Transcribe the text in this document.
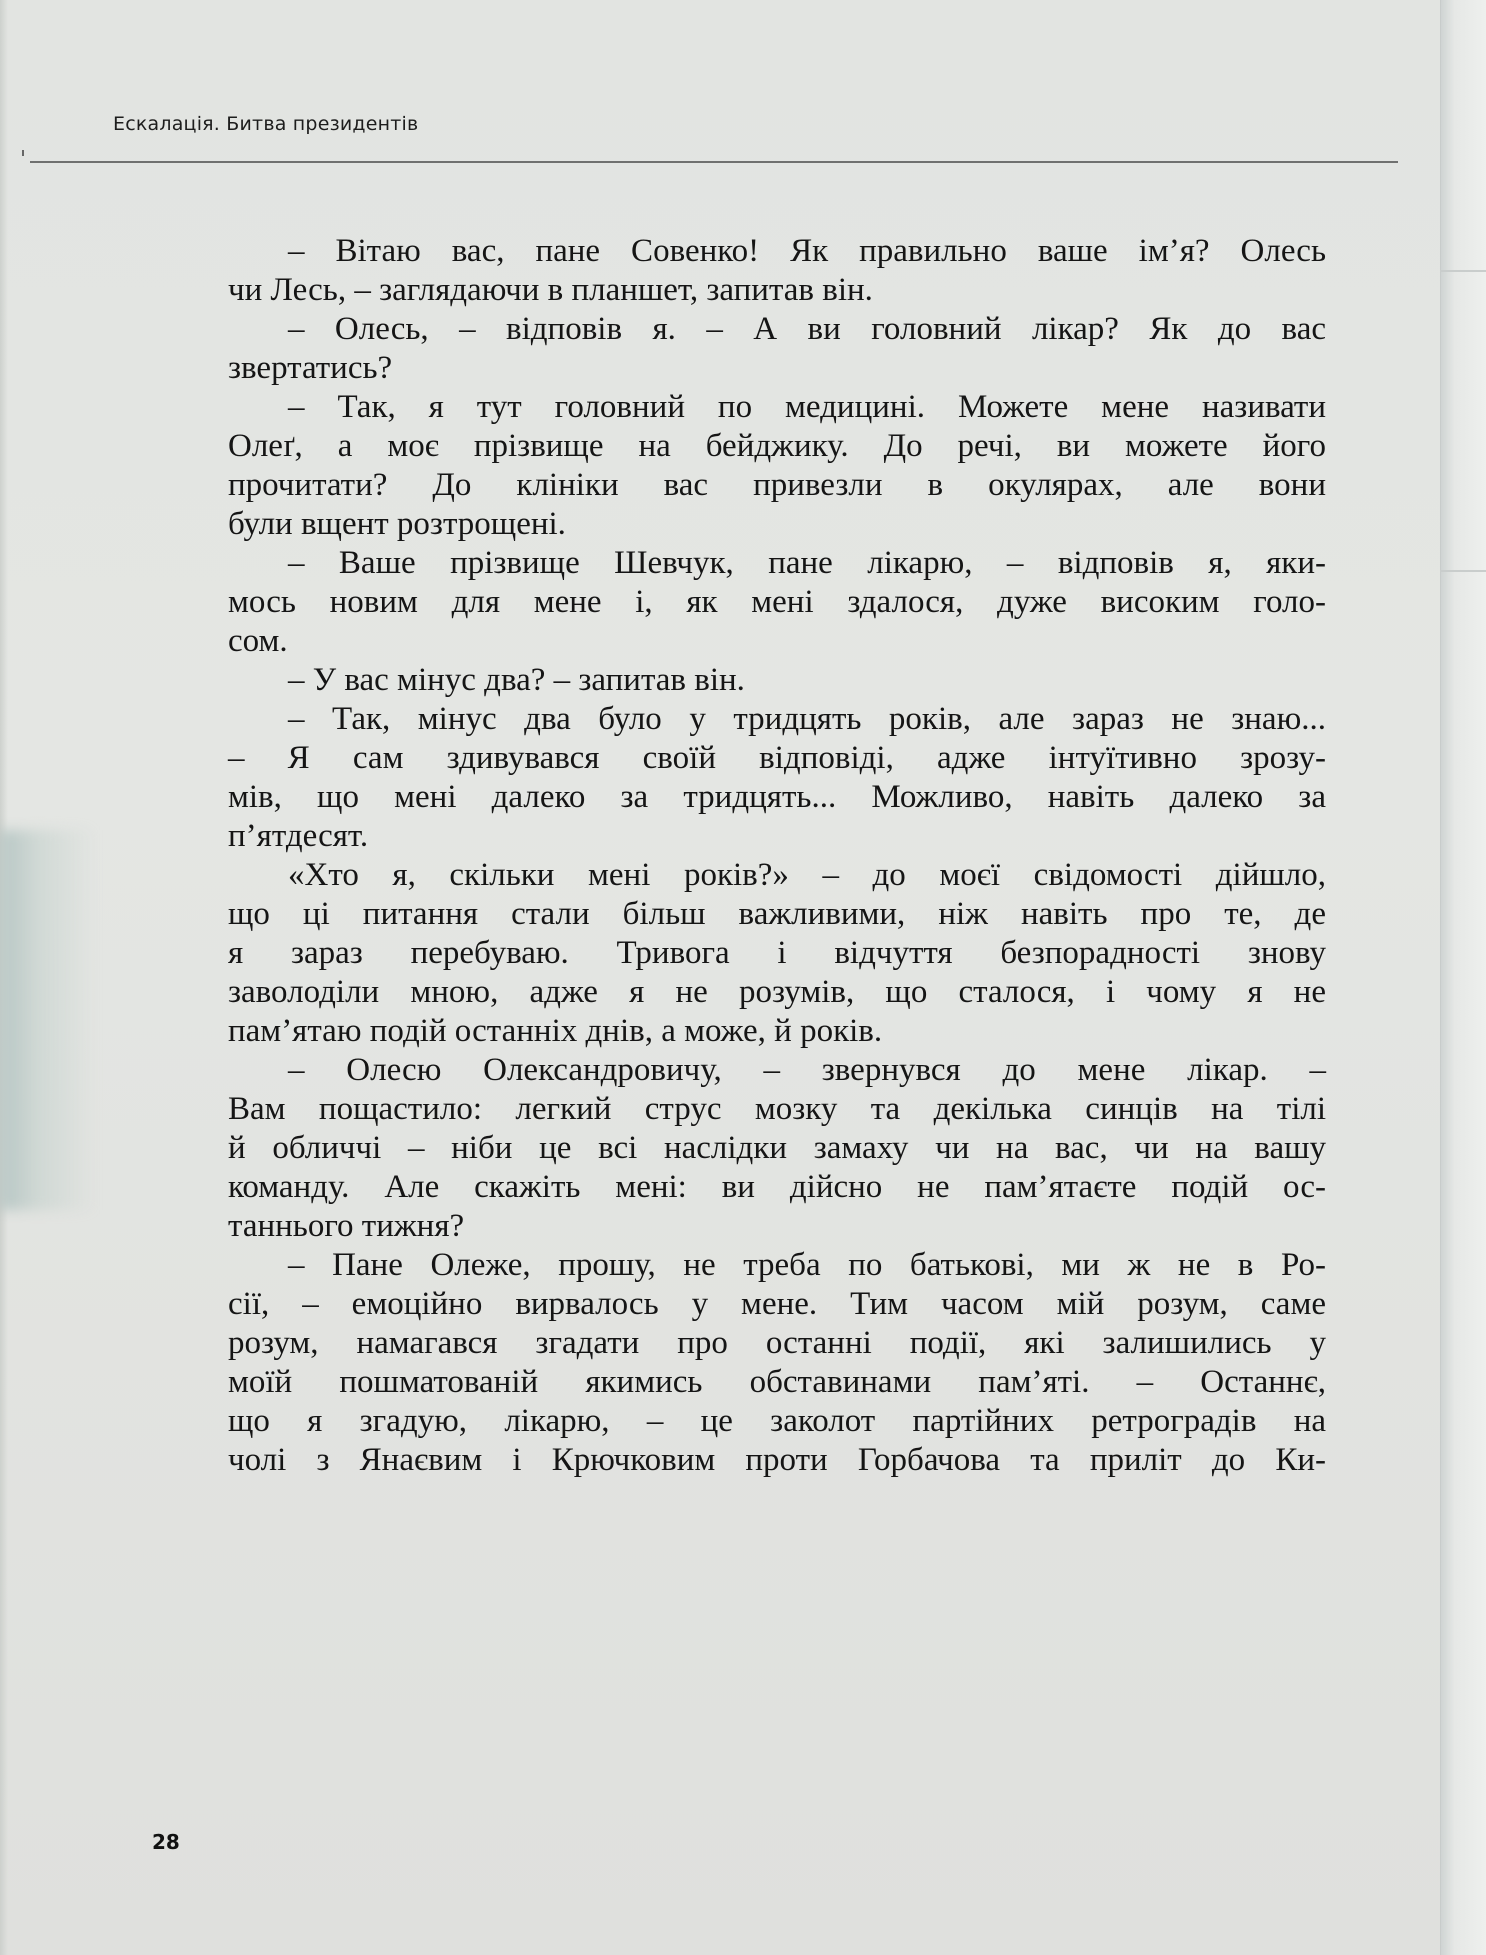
Ескалація. Битва президентів
– Вітаю вас, пане Совенко! Як правильно ваше ім’я? Олесь
чи Лесь, – заглядаючи в планшет, запитав він.
– Олесь, – відповів я. – А ви головний лікар? Як до вас
звертатись?
– Так, я тут головний по медицині. Можете мене називати
Олеґ, а моє прізвище на бейджику. До речі, ви можете його
прочитати? До клініки вас привезли в окулярах, але вони
були вщент розтрощені.
– Ваше прізвище Шевчук, пане лікарю, – відповів я, яки-
мось новим для мене і, як мені здалося, дуже високим голо-
сом.
– У вас мінус два? – запитав він.
– Так, мінус два було у тридцять років, але зараз не знаю...
– Я сам здивувався своїй відповіді, адже інтуїтивно зрозу-
мів, що мені далеко за тридцять... Можливо, навіть далеко за
п’ятдесят.
«Хто я, скільки мені років?» – до моєї свідомості дійшло,
що ці питання стали більш важливими, ніж навіть про те, де
я зараз перебуваю. Тривога і відчуття безпорадності знову
заволоділи мною, адже я не розумів, що сталося, і чому я не
пам’ятаю подій останніх днів, а може, й років.
– Олесю Олександровичу, – звернувся до мене лікар. –
Вам пощастило: легкий струс мозку та декілька синців на тілі
й обличчі – ніби це всі наслідки замаху чи на вас, чи на вашу
команду. Але скажіть мені: ви дійсно не пам’ятаєте подій ос-
таннього тижня?
– Пане Олеже, прошу, не треба по батькові, ми ж не в Ро-
сії, – емоційно вирвалось у мене. Тим часом мій розум, саме
розум, намагався згадати про останні події, які залишились у
моїй пошматованій якимись обставинами пам’яті. – Останнє,
що я згадую, лікарю, – це заколот партійних ретроградів на
чолі з Янаєвим і Крючковим проти Горбачова та приліт до Ки-
28
